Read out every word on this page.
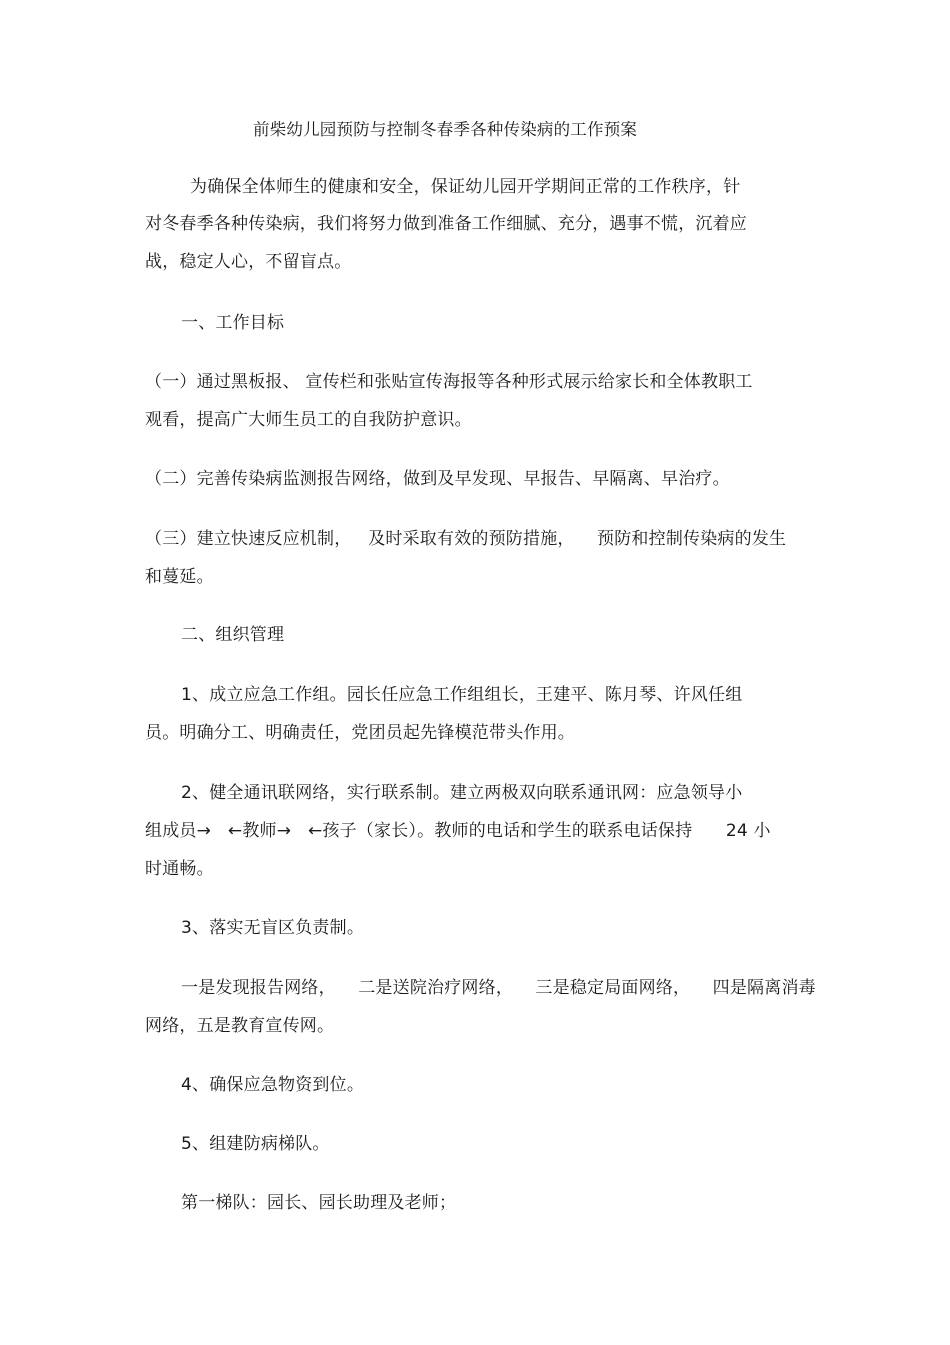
前柴幼儿园预防与控制冬春季各种传染病的工作预案
为确保全体师生的健康和安全，保证幼儿园开学期间正常的工作秩序，针
对冬春季各种传染病，我们将努力做到准备工作细腻、充分，遇事不慌，沉着应
战，稳定人心，不留盲点。
一、工作目标
（一）通过黑板报、 宣传栏和张贴宣传海报等各种形式展示给家长和全体教职工
观看，提高广大师生员工的自我防护意识。
（二）完善传染病监测报告网络，做到及早发现、早报告、早隔离、早治疗。
（三）建立快速反应机制，   及时采取有效的预防措施，    预防和控制传染病的发生
和蔓延。
二、组织管理
1、成立应急工作组。园长任应急工作组组长，王建平、陈月琴、许风任组
员。明确分工、明确责任，党团员起先锋模范带头作用。
2、健全通讯联网络，实行联系制。建立两极双向联系通讯网：应急领导小
组成员→   ←教师→   ←孩子（家长）。教师的电话和学生的联系电话保持      24 小
时通畅。
3、落实无盲区负责制。
一是发现报告网络，    二是送院治疗网络，    三是稳定局面网络，    四是隔离消毒
网络，五是教育宣传网。
4、确保应急物资到位。
5、组建防病梯队。
第一梯队：园长、园长助理及老师；
